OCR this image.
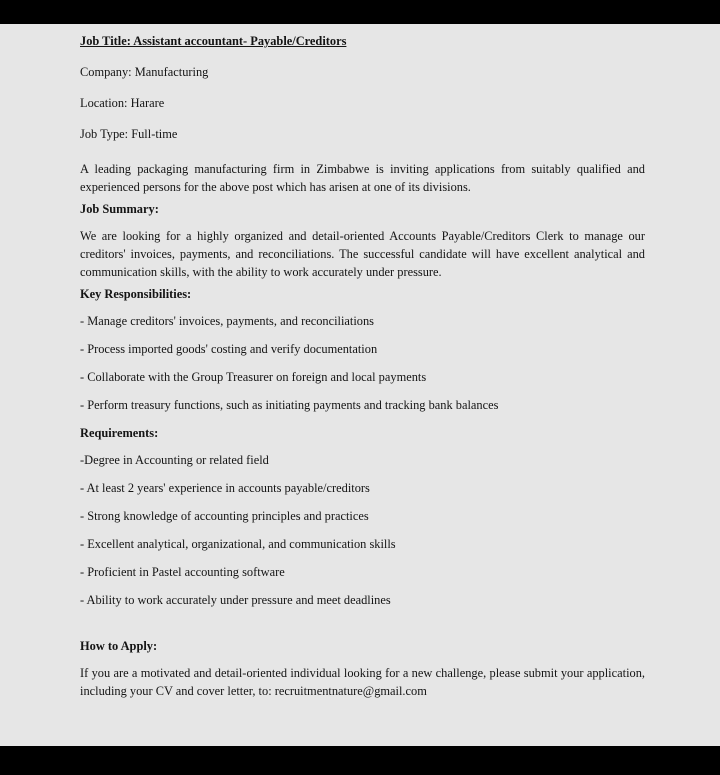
Job Title: Assistant accountant- Payable/Creditors
Company: Manufacturing
Location: Harare
Job Type: Full-time
A leading packaging manufacturing firm in Zimbabwe is inviting applications from suitably qualified and experienced persons for the above post which has arisen at one of its divisions.
Job Summary:
We are looking for a highly organized and detail-oriented Accounts Payable/Creditors Clerk to manage our creditors' invoices, payments, and reconciliations. The successful candidate will have excellent analytical and communication skills, with the ability to work accurately under pressure.
Key Responsibilities:
- Manage creditors' invoices, payments, and reconciliations
- Process imported goods' costing and verify documentation
- Collaborate with the Group Treasurer on foreign and local payments
- Perform treasury functions, such as initiating payments and tracking bank balances
Requirements:
-Degree in Accounting or related field
- At least 2 years' experience in accounts payable/creditors
- Strong knowledge of accounting principles and practices
- Excellent analytical, organizational, and communication skills
- Proficient in Pastel accounting software
- Ability to work accurately under pressure and meet deadlines
How to Apply:
If you are a motivated and detail-oriented individual looking for a new challenge, please submit your application, including your CV and cover letter, to: recruitmentnature@gmail.com
